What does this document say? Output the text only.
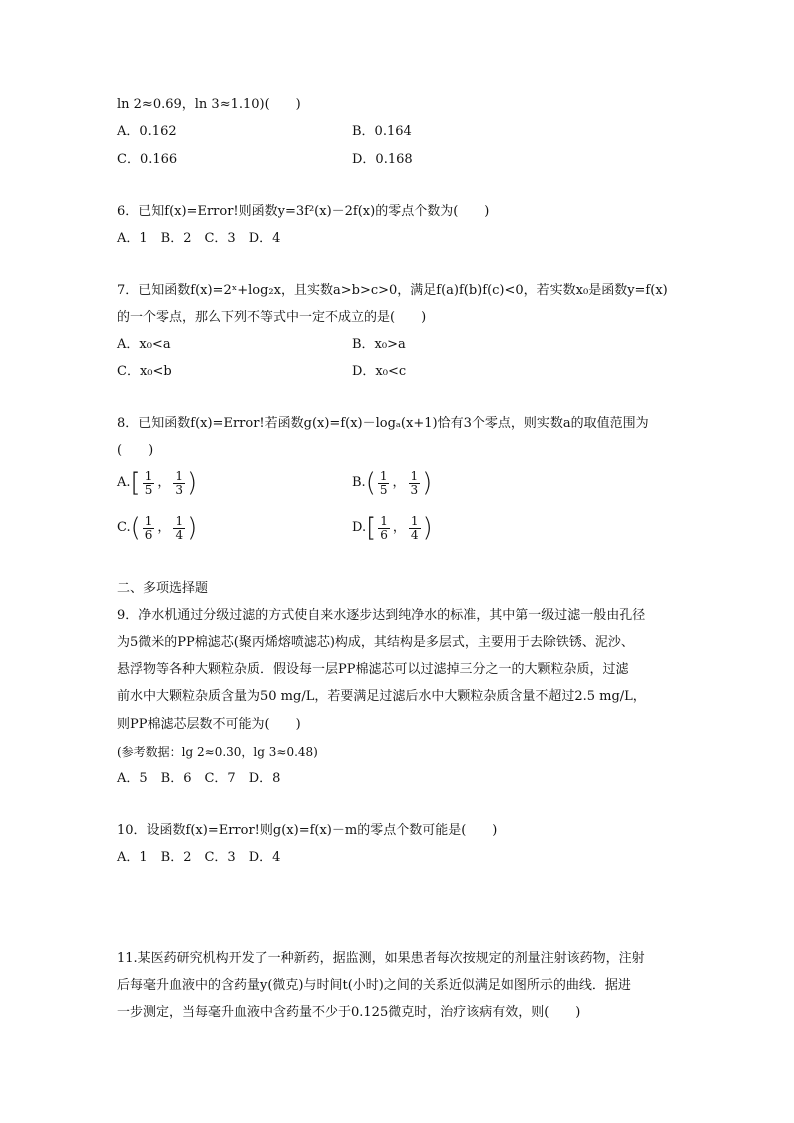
ln 2≈0.69，ln 3≈1.10)(　　)
A．0.162	B．0.164
C．0.166	D．0.168
6．已知f(x)=Error!则函数y=3f²(x)－2f(x)的零点个数为(　　)
A．1　B．2　C．3　D．4
7．已知函数f(x)=2ˣ+log₂x，且实数a>b>c>0，满足f(a)f(b)f(c)<0，若实数x₀是函数y=f(x)
的一个零点，那么下列不等式中一定不成立的是(　　)
A．x₀<a	B．x₀>a
C．x₀<b	D．x₀<c
8．已知函数f(x)=Error!若函数g(x)=f(x)－logₐ(x+1)恰有3个零点，则实数a的取值范围为
(　　)
$A.[ \frac{1}{5}$ ， $\frac{1}{3}$ )	$B.( \frac{1}{5}$ ， $\frac{1}{3}$ )
$C.( \frac{1}{6}$ ， $\frac{1}{4}$ )	$D.[ \frac{1}{6}$ ， $\frac{1}{4}$ )
二、多项选择题
9．净水机通过分级过滤的方式使自来水逐步达到纯净水的标准，其中第一级过滤一般由孔径
为5微米的PP棉滤芯(聚丙烯熔喷滤芯)构成，其结构是多层式，主要用于去除铁锈、泥沙、
悬浮物等各种大颗粒杂质．假设每一层PP棉滤芯可以过滤掉三分之一的大颗粒杂质，过滤
前水中大颗粒杂质含量为50 mg/L，若要满足过滤后水中大颗粒杂质含量不超过2.5 mg/L，
则PP棉滤芯层数不可能为(　　)
(参考数据：lg 2≈0.30，lg 3≈0.48)
A．5　B．6　C．7　D．8
10．设函数f(x)=Error!则g(x)=f(x)－m的零点个数可能是(　　)
A．1　B．2　C．3　D．4
11.某医药研究机构开发了一种新药，据监测，如果患者每次按规定的剂量注射该药物，注射
后每毫升血液中的含药量y(微克)与时间t(小时)之间的关系近似满足如图所示的曲线．据进
一步测定，当每毫升血液中含药量不少于0.125微克时，治疗该病有效，则(　　)
